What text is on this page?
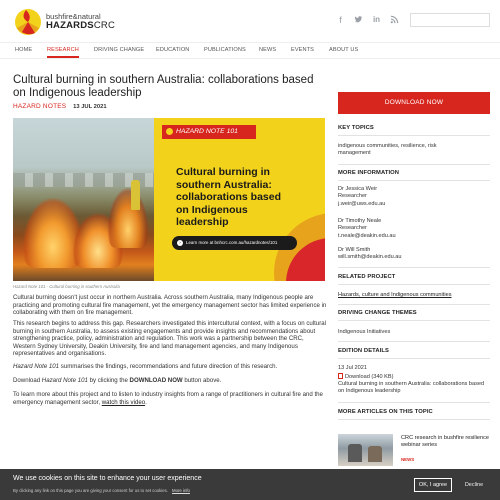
bushfire&natural
HAZARDSCRC	f	in
HOME	RESEARCH	DRIVING CHANGE EDUCATION	PUBLICATIONS NEWS	EVENTS	ABOUT US
Cultural burning in southern Australia: collaborations based on Indigenous leadership
HAZARD NOTES 13 JUL 2021
HAZARD NOTE 101
Cultural burning in southern Australia: collaborations based on Indigenous leadership
›	Learn more at bnhcrc.com.au/hazardnotes/101
Hazard Note 101 - Cultural burning in southern Australia

Cultural burning doesn't just occur in northern Australia. Across southern Australia, many Indigenous people are practicing and promoting cultural fire management, yet the emergency management sector has limited experience in collaborating with them on fire management.

This research begins to address this gap. Researchers investigated this intercultural context, with a focus on cultural burning in southern Australia, to assess existing engagements and provide insights and recommendations about strengthening practice, policy, administration and regulation. This work was a partnership between the CRC, Western Sydney University, Deakin University, fire and land management agencies, and many Indigenous representatives and organisations.

Hazard Note 101 summarises the findings, recommendations and future direction of this research.

Download Hazard Note 101 by clicking the DOWNLOAD NOW button above.

To learn more about this project and to listen to industry insights from a range of practitioners in cultural fire and the emergency management sector, watch this video.

DOWNLOAD NOW
KEY TOPICS
indigenous communities, resilience, risk management
MORE INFORMATION
Dr Jessica Weir
Researcher
j.weir@uws.edu.au
Dr Timothy Neale
Researcher
t.neale@deakin.edu.au
Dr Will Smith
will.smith@deakin.edu.au
RELATED PROJECT
Hazards, culture and Indigenous communities
DRIVING CHANGE THEMES
Indigenous Initiatives
EDITION DETAILS
13 Jul 2021
Download (340 KB)
Cultural burning in southern Australia: collaborations based on Indigenous leadership
MORE ARTICLES ON THIS TOPIC
CRC research in bushfire resilience webinar series
NEWS
We use cookies on this site to enhance your user experience
By clicking any link on this page you are giving your consent for us to set cookies. More info
OK, I agree	Decline
